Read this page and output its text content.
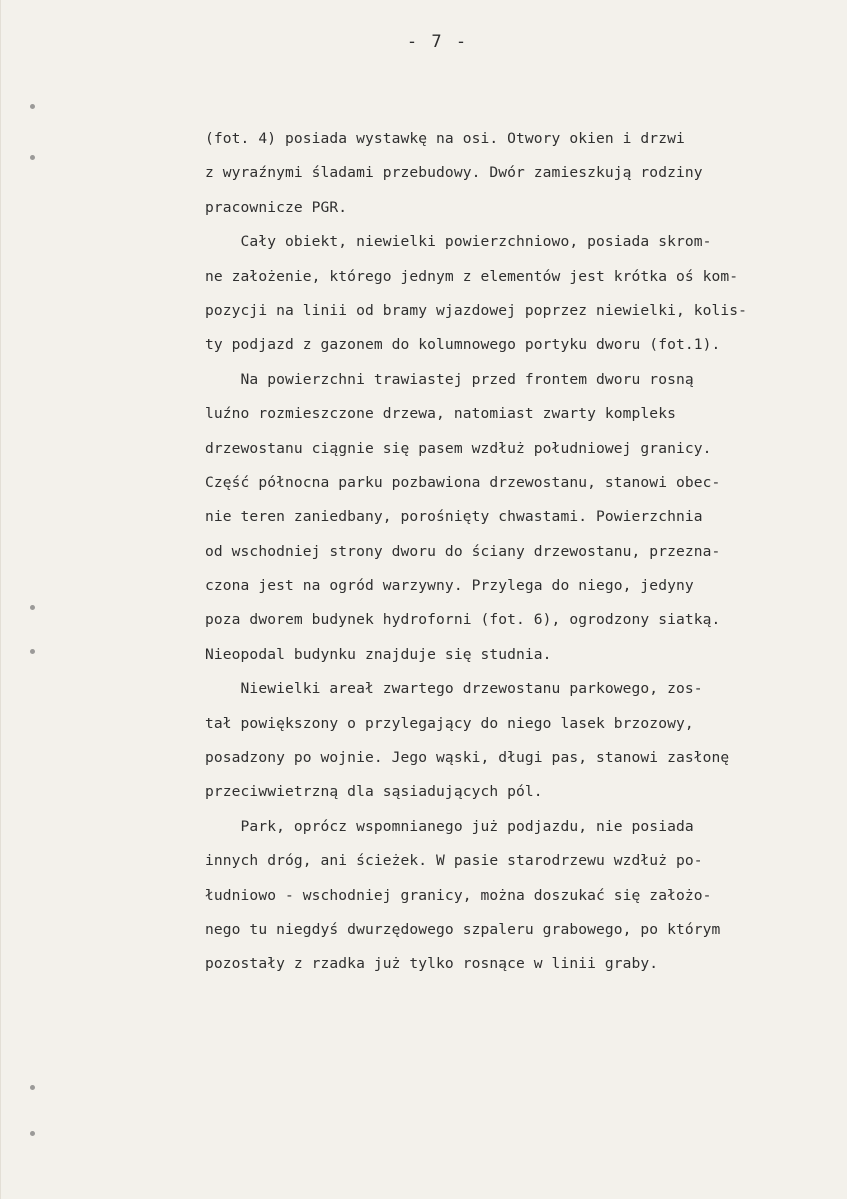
- 7 -
(fot. 4) posiada wystawkę na osi. Otwory okien i drzwi
z wyraźnymi śladami przebudowy. Dwór zamieszkują rodziny
pracownicze PGR.
Cały obiekt, niewielki powierzchniowo, posiada skrom-
ne założenie, którego jednym z elementów jest krótka oś kom-
pozycji na linii od bramy wjazdowej poprzez niewielki, kolis-
ty podjazd z gazonem do kolumnowego portyku dworu (fot.1).
Na powierzchni trawiastej przed frontem dworu rosną
luźno rozmieszczone drzewa, natomiast zwarty kompleks
drzewostanu ciągnie się pasem wzdłuż południowej granicy.
Część północna parku pozbawiona drzewostanu, stanowi obec-
nie teren zaniedbany, porośnięty chwastami. Powierzchnia
od wschodniej strony dworu do ściany drzewostanu, przezna-
czona jest na ogród warzywny. Przylega do niego, jedyny
poza dworem budynek hydroforni (fot. 6), ogrodzony siatką.
Nieopodal budynku znajduje się studnia.
Niewielki areał zwartego drzewostanu parkowego, zos-
tał powiększony o przylegający do niego lasek brzozowy,
posadzony po wojnie. Jego wąski, długi pas, stanowi zasłonę
przeciwwietrzną dla sąsiadujących pól.
Park, oprócz wspomnianego już podjazdu, nie posiada
innych dróg, ani ścieżek. W pasie starodrzewu wzdłuż po-
łudniowo - wschodniej granicy, można doszukać się założo-
nego tu niegdyś dwurzędowego szpaleru grabowego, po którym
pozostały z rzadka już tylko rosnące w linii graby.
